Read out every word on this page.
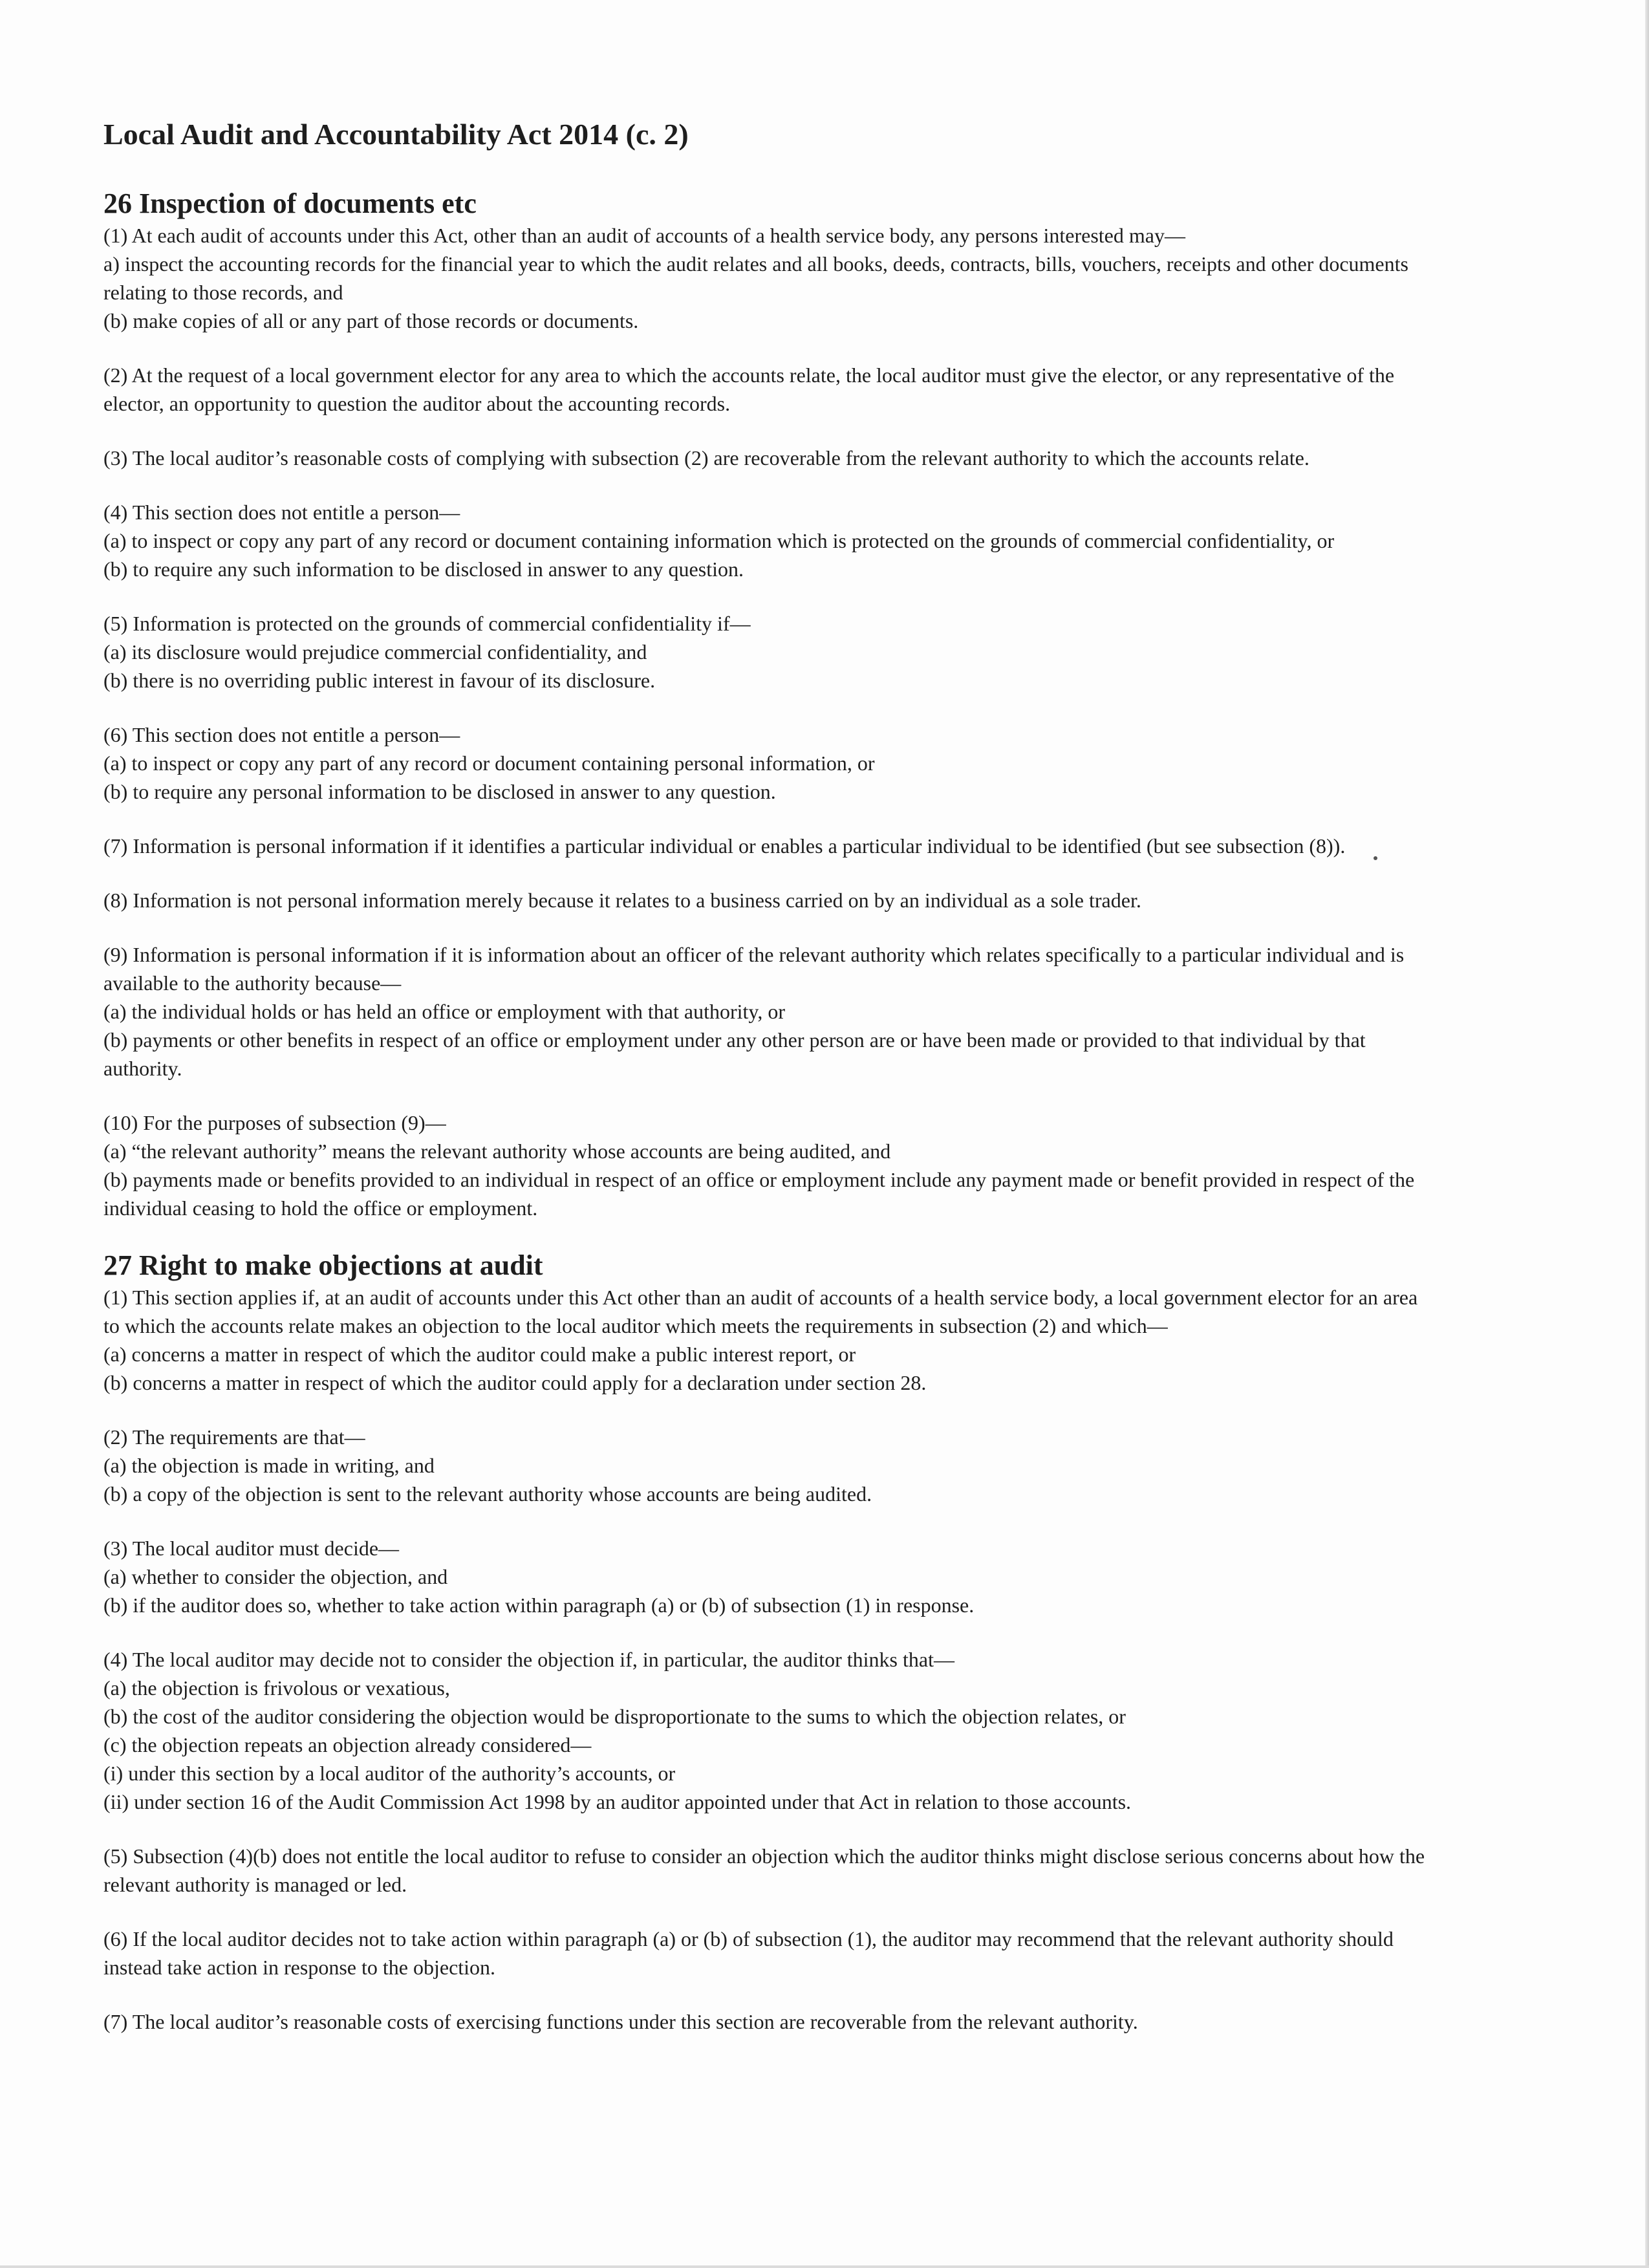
Local Audit and Accountability Act 2014 (c. 2)
26 Inspection of documents etc

(1) At each audit of accounts under this Act, other than an audit of accounts of a health service body, any persons interested may—

a) inspect the accounting records for the financial year to which the audit relates and all books, deeds, contracts, bills, vouchers, receipts and other documents relating to those records, and

(b) make copies of all or any part of those records or documents.

(2) At the request of a local government elector for any area to which the accounts relate, the local auditor must give the elector, or any representative of the elector, an opportunity to question the auditor about the accounting records.

(3) The local auditor’s reasonable costs of complying with subsection (2) are recoverable from the relevant authority to which the accounts relate.

(4) This section does not entitle a person—

(a) to inspect or copy any part of any record or document containing information which is protected on the grounds of commercial confidentiality, or

(b) to require any such information to be disclosed in answer to any question.

(5) Information is protected on the grounds of commercial confidentiality if—

(a) its disclosure would prejudice commercial confidentiality, and

(b) there is no overriding public interest in favour of its disclosure.

(6) This section does not entitle a person—

(a) to inspect or copy any part of any record or document containing personal information, or

(b) to require any personal information to be disclosed in answer to any question.

(7) Information is personal information if it identifies a particular individual or enables a particular individual to be identified (but see subsection (8)).

(8) Information is not personal information merely because it relates to a business carried on by an individual as a sole trader.

(9) Information is personal information if it is information about an officer of the relevant authority which relates specifically to a particular individual and is available to the authority because—

(a) the individual holds or has held an office or employment with that authority, or

(b) payments or other benefits in respect of an office or employment under any other person are or have been made or provided to that individual by that authority.

(10) For the purposes of subsection (9)—

(a) “the relevant authority” means the relevant authority whose accounts are being audited, and

(b) payments made or benefits provided to an individual in respect of an office or employment include any payment made or benefit provided in respect of the individual ceasing to hold the office or employment.

27 Right to make objections at audit

(1) This section applies if, at an audit of accounts under this Act other than an audit of accounts of a health service body, a local government elector for an area to which the accounts relate makes an objection to the local auditor which meets the requirements in subsection (2) and which—

(a) concerns a matter in respect of which the auditor could make a public interest report, or

(b) concerns a matter in respect of which the auditor could apply for a declaration under section 28.

(2) The requirements are that—

(a) the objection is made in writing, and

(b) a copy of the objection is sent to the relevant authority whose accounts are being audited.

(3) The local auditor must decide—

(a) whether to consider the objection, and

(b) if the auditor does so, whether to take action within paragraph (a) or (b) of subsection (1) in response.

(4) The local auditor may decide not to consider the objection if, in particular, the auditor thinks that—

(a) the objection is frivolous or vexatious,

(b) the cost of the auditor considering the objection would be disproportionate to the sums to which the objection relates, or

(c) the objection repeats an objection already considered—

(i) under this section by a local auditor of the authority’s accounts, or

(ii) under section 16 of the Audit Commission Act 1998 by an auditor appointed under that Act in relation to those accounts.

(5) Subsection (4)(b) does not entitle the local auditor to refuse to consider an objection which the auditor thinks might disclose serious concerns about how the relevant authority is managed or led.

(6) If the local auditor decides not to take action within paragraph (a) or (b) of subsection (1), the auditor may recommend that the relevant authority should instead take action in response to the objection.

(7) The local auditor’s reasonable costs of exercising functions under this section are recoverable from the relevant authority.
